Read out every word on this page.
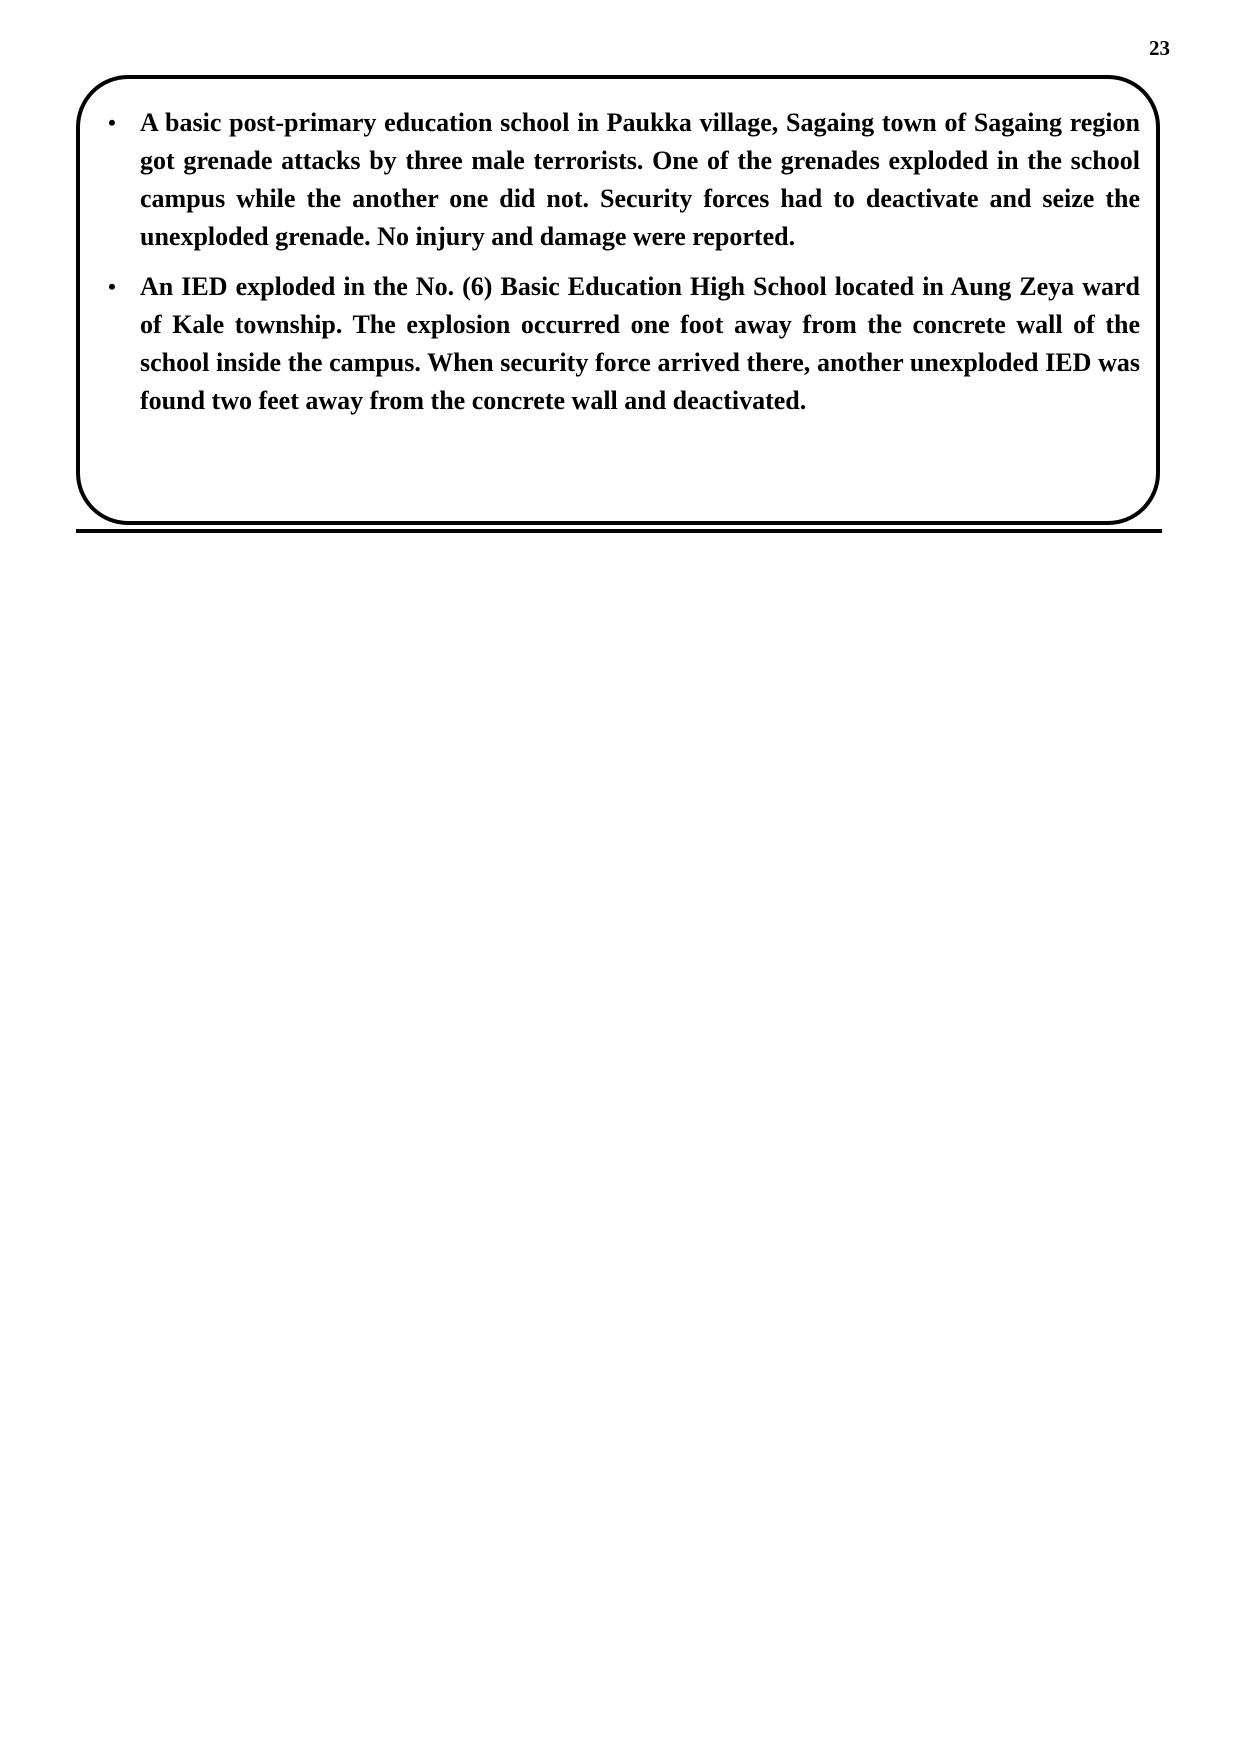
23
• A basic post-primary education school in Paukka village, Sagaing town of Sagaing region got grenade attacks by three male terrorists. One of the grenades exploded in the school campus while the another one did not. Security forces had to deactivate and seize the unexploded grenade. No injury and damage were reported.
• An IED exploded in the No. (6) Basic Education High School located in Aung Zeya ward of Kale township. The explosion occurred one foot away from the concrete wall of the school inside the campus. When security force arrived there, another unexploded IED was found two feet away from the concrete wall and deactivated.
